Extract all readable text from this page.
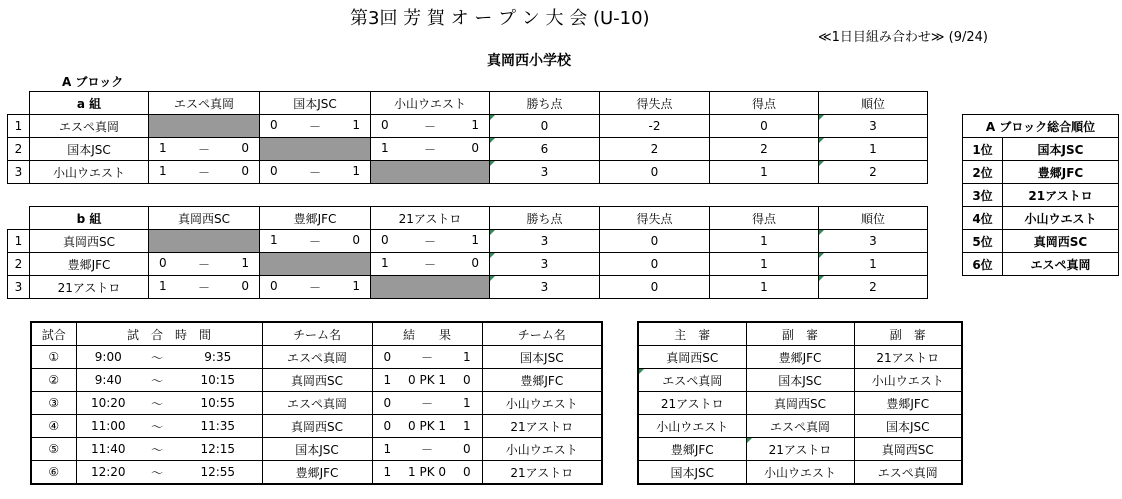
第3回 芳 賀 オ ー プ ン 大 会 (U-10)
≪1日目組み合わせ≫ (9/24)
真岡西小学校
A ブロック
	a 組	エスペ真岡	国本JSC	小山ウエスト	勝ち点	得失点	得点	順位
1	エスペ真岡		0 － 1	0 － 1	0	-2	0	3
2	国本JSC	1 － 0		1 － 0	6	2	2	1
3	小山ウエスト	1 － 0	0 － 1		3	0	1	2
	b 組	真岡西SC	豊郷JFC	21アストロ	勝ち点	得失点	得点	順位
1	真岡西SC		1 － 0	0 － 1	3	0	1	3
2	豊郷JFC	0 － 1		1 － 0	3	0	1	1
3	21アストロ	1 － 0	0 － 1		3	0	1	2
A ブロック総合順位	
1位	国本JSC
2位	豊郷JFC
3位	21アストロ
4位	小山ウエスト
5位	真岡西SC
6位	エスペ真岡
試合	試　合　時　間			チーム名	結　　果			チーム名
①	9:00	～	9:35	エスペ真岡	0	－	1	国本JSC
②	9:40	～	10:15	真岡西SC	1	0 PK 1	0	豊郷JFC
③	10:20	～	10:55	エスペ真岡	0	－	1	小山ウエスト
④	11:00	～	11:35	真岡西SC	0	0 PK 1	1	21アストロ
⑤	11:40	～	12:15	国本JSC	1	－	0	小山ウエスト
⑥	12:20	～	12:55	豊郷JFC	1	1 PK 0	0	21アストロ
主　審	副　審	副　審
真岡西SC	豊郷JFC	21アストロ
エスペ真岡	国本JSC	小山ウエスト
21アストロ	真岡西SC	豊郷JFC
小山ウエスト	エスペ真岡	国本JSC
豊郷JFC	21アストロ	真岡西SC
国本JSC	小山ウエスト	エスペ真岡
